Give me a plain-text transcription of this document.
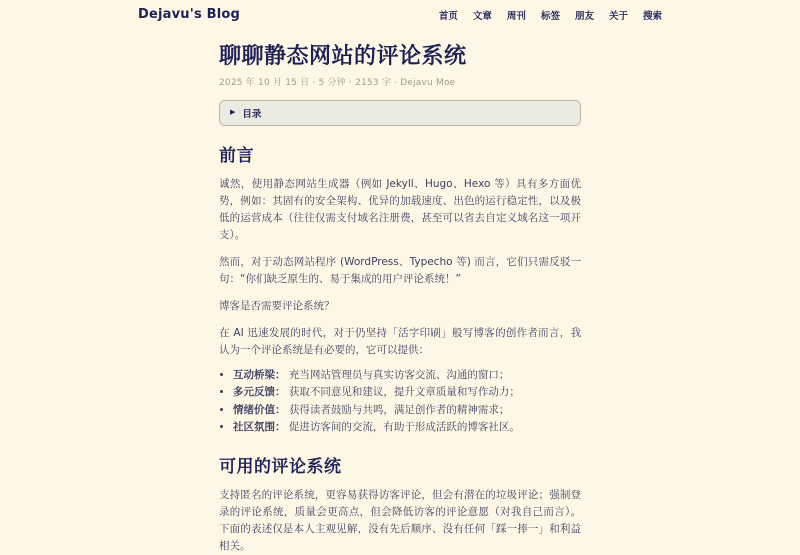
Dejavu's Blog	首页 文章 周刊 标签 朋友 关于 搜索
聊聊静态网站的评论系统
2025 年 10 月 15 日 · 5 分钟 · 2153 字 · Dejavu Moe
▶ 目录
前言

诚然，使用静态网站生成器（例如 Jekyll、Hugo、Hexo 等）具有多方面优势，例如：其固有的安全架构、优异的加载速度、出色的运行稳定性，以及极低的运营成本（往往仅需支付域名注册费，甚至可以省去自定义域名这一项开支）。

然而，对于动态网站程序 (WordPress、Typecho 等) 而言，它们只需反驳一句：“你们缺乏原生的、易于集成的用户评论系统！”

博客是否需要评论系统？

在 AI 迅速发展的时代，对于仍坚持「活字印刷」般写博客的创作者而言，我认为一个评论系统是有必要的，它可以提供：

• 互动桥梁： 充当网站管理员与真实访客交流、沟通的窗口；
• 多元反馈： 获取不同意见和建议，提升文章质量和写作动力；
• 情绪价值： 获得读者鼓励与共鸣，满足创作者的精神需求；
• 社区氛围： 促进访客间的交流，有助于形成活跃的博客社区。
可用的评论系统

支持匿名的评论系统，更容易获得访客评论，但会有潜在的垃圾评论；强制登录的评论系统，质量会更高点，但会降低访客的评论意愿（对我自己而言）。下面的表述仅是本人主观见解，没有先后顺序、没有任何「踩一捧一」和利益相关。
